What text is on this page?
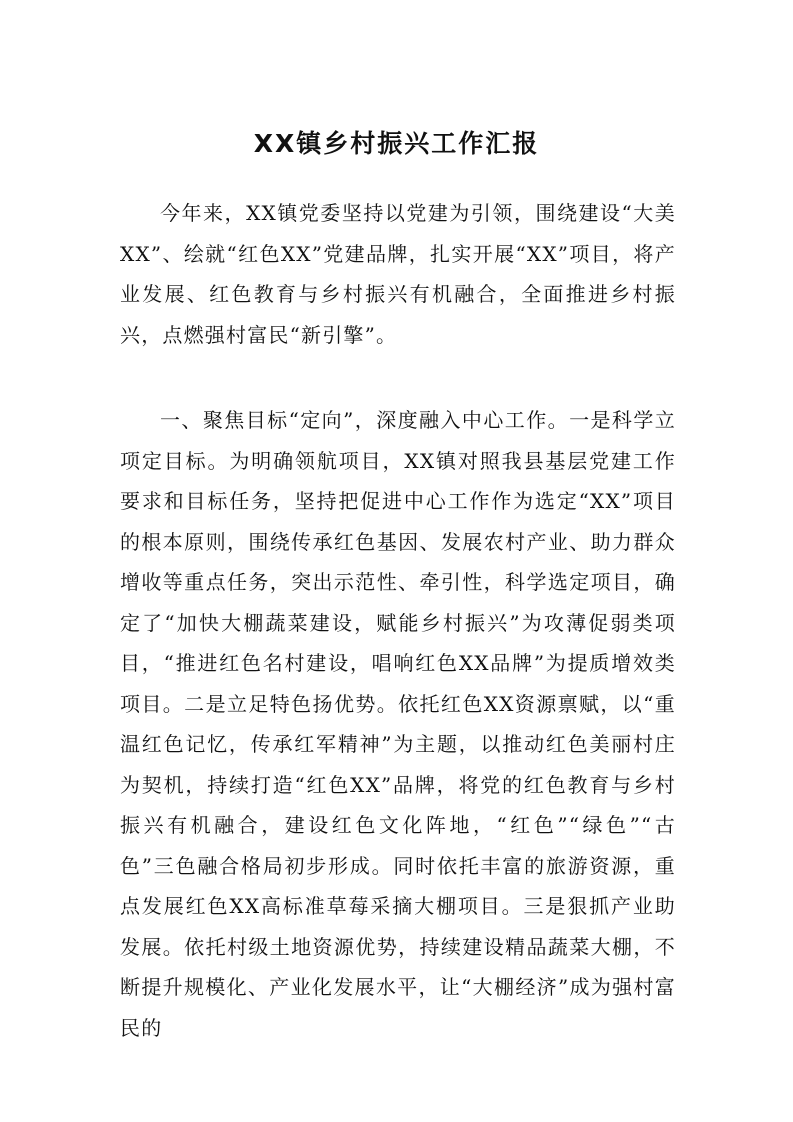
XX镇乡村振兴工作汇报

今年来，XX镇党委坚持以党建为引领，围绕建设“大美XX”、绘就“红色XX”党建品牌，扎实开展“XX”项目，将产业发展、红色教育与乡村振兴有机融合，全面推进乡村振兴，点燃强村富民“新引擎”。

一、聚焦目标“定向”，深度融入中心工作。一是科学立项定目标。为明确领航项目，XX镇对照我县基层党建工作要求和目标任务，坚持把促进中心工作作为选定“XX”项目的根本原则，围绕传承红色基因、发展农村产业、助力群众增收等重点任务，突出示范性、牵引性，科学选定项目，确定了“加快大棚蔬菜建设，赋能乡村振兴”为攻薄促弱类项目，“推进红色名村建设，唱响红色XX品牌”为提质增效类项目。二是立足特色扬优势。依托红色XX资源禀赋，以“重温红色记忆，传承红军精神”为主题，以推动红色美丽村庄为契机，持续打造“红色XX”品牌，将党的红色教育与乡村振兴有机融合，建设红色文化阵地，“红色”“绿色”“古色”三色融合格局初步形成。同时依托丰富的旅游资源，重点发展红色XX高标准草莓采摘大棚项目。三是狠抓产业助发展。依托村级土地资源优势，持续建设精品蔬菜大棚，不断提升规模化、产业化发展水平，让“大棚经济”成为强村富民的
